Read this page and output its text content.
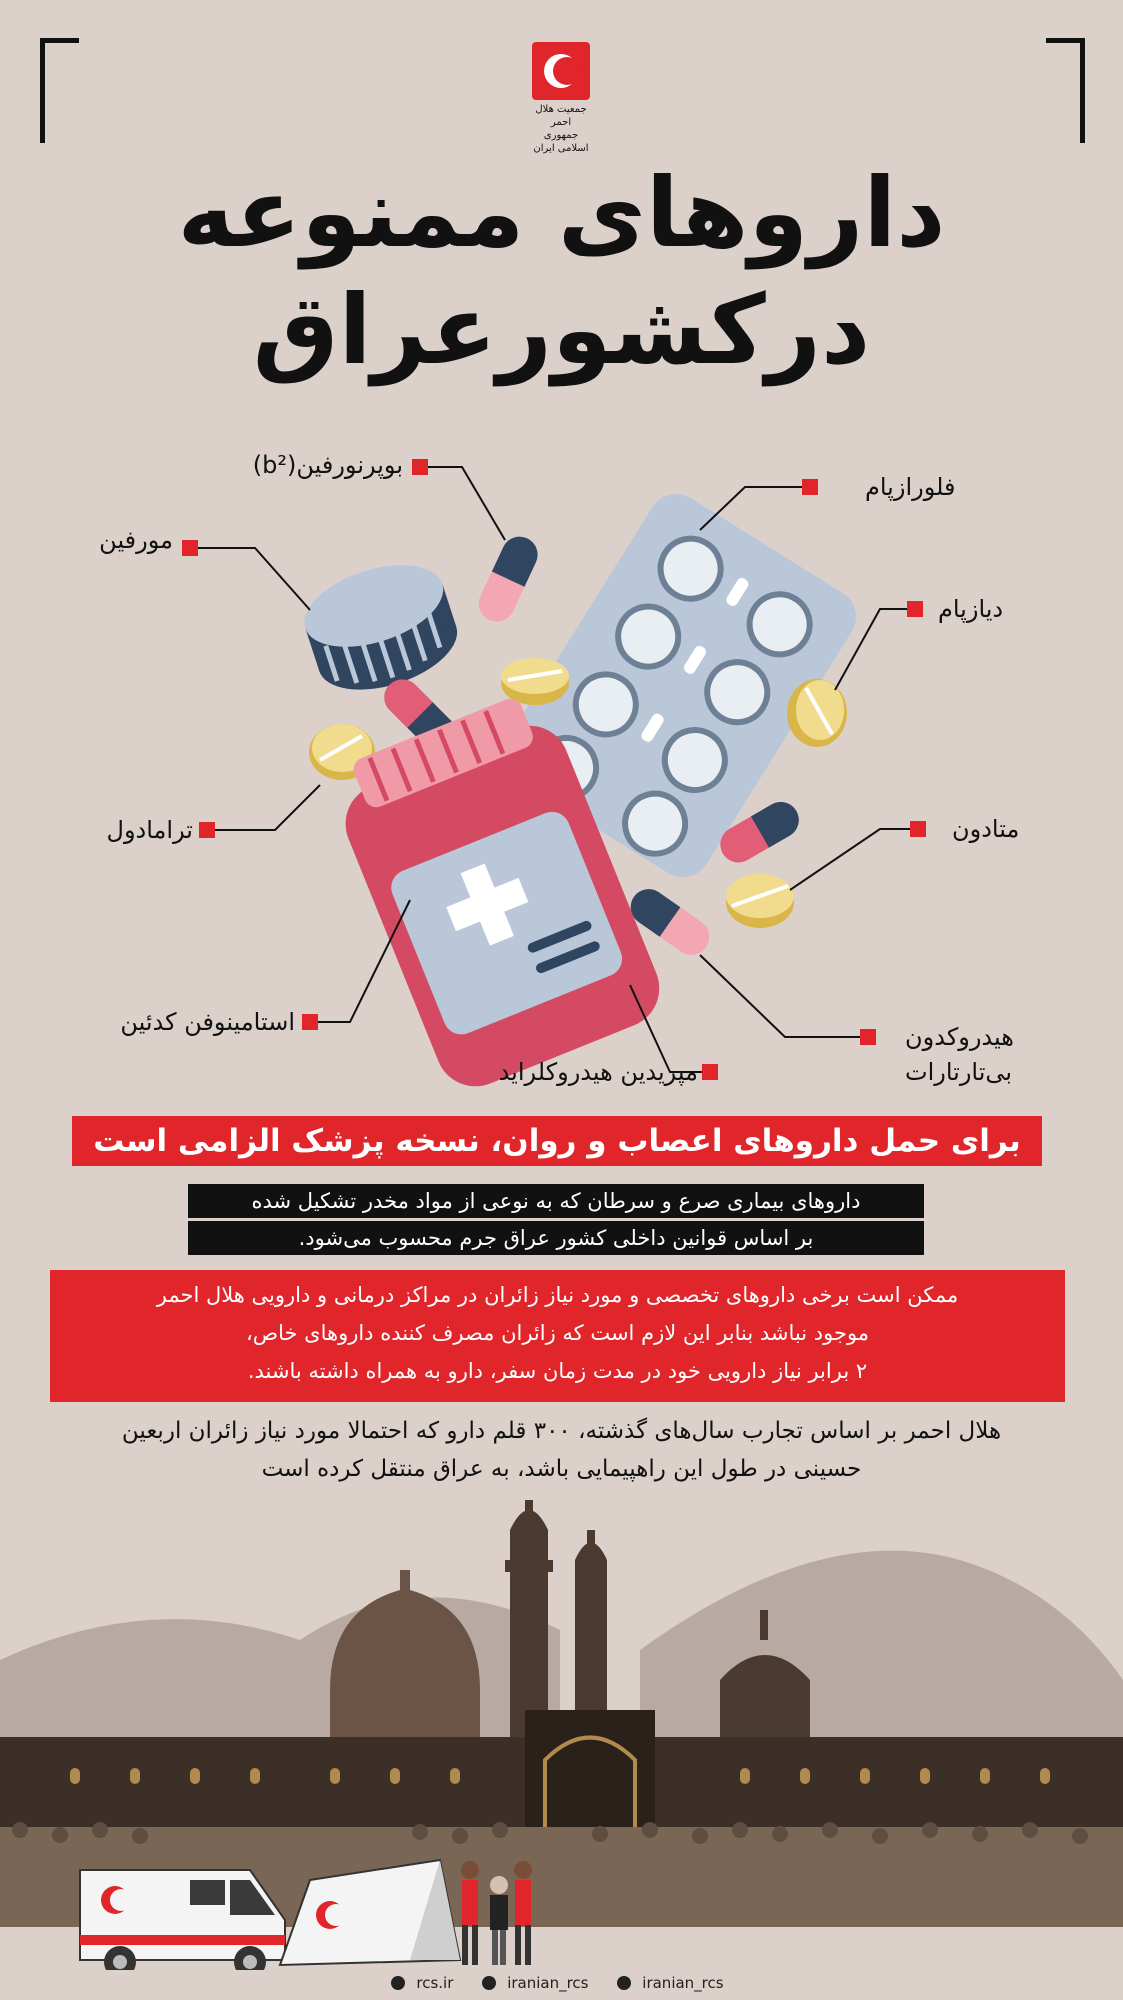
جمعیت هلال احمر
جمهوری اسلامی ایران
داروهای ممنوعه
درکشورعراق
بوپرنورفین(b²)
مورفین
فلورازپام
دیازپام
ترامادول	متادون
استامینوفن کدئین
هیدروکدون
بی‌تارتارات
مپریدین هیدروکلراید
برای حمل داروهای اعصاب و روان، نسخه پزشک الزامی است
داروهای بیماری صرع و سرطان که به نوعی از مواد مخدر تشکیل شده
بر اساس قوانین داخلی کشور عراق جرم محسوب می‌شود.
ممکن است برخی داروهای تخصصی و مورد نیاز زائران در مراکز درمانی و دارویی هلال احمر
موجود نباشد بنابر این لازم است که زائران مصرف کننده داروهای خاص،
۲ برابر نیاز دارویی خود در مدت زمان سفر، دارو به همراه داشته باشند.
هلال احمر بر اساس تجارب سال‌های گذشته، ۳۰۰ قلم دارو که احتمالا مورد نیاز زائران اربعین
حسینی در طول این راهپیمایی باشد، به عراق منتقل کرده است
rcs.ir	iranian_rcs	iranian_rcs
